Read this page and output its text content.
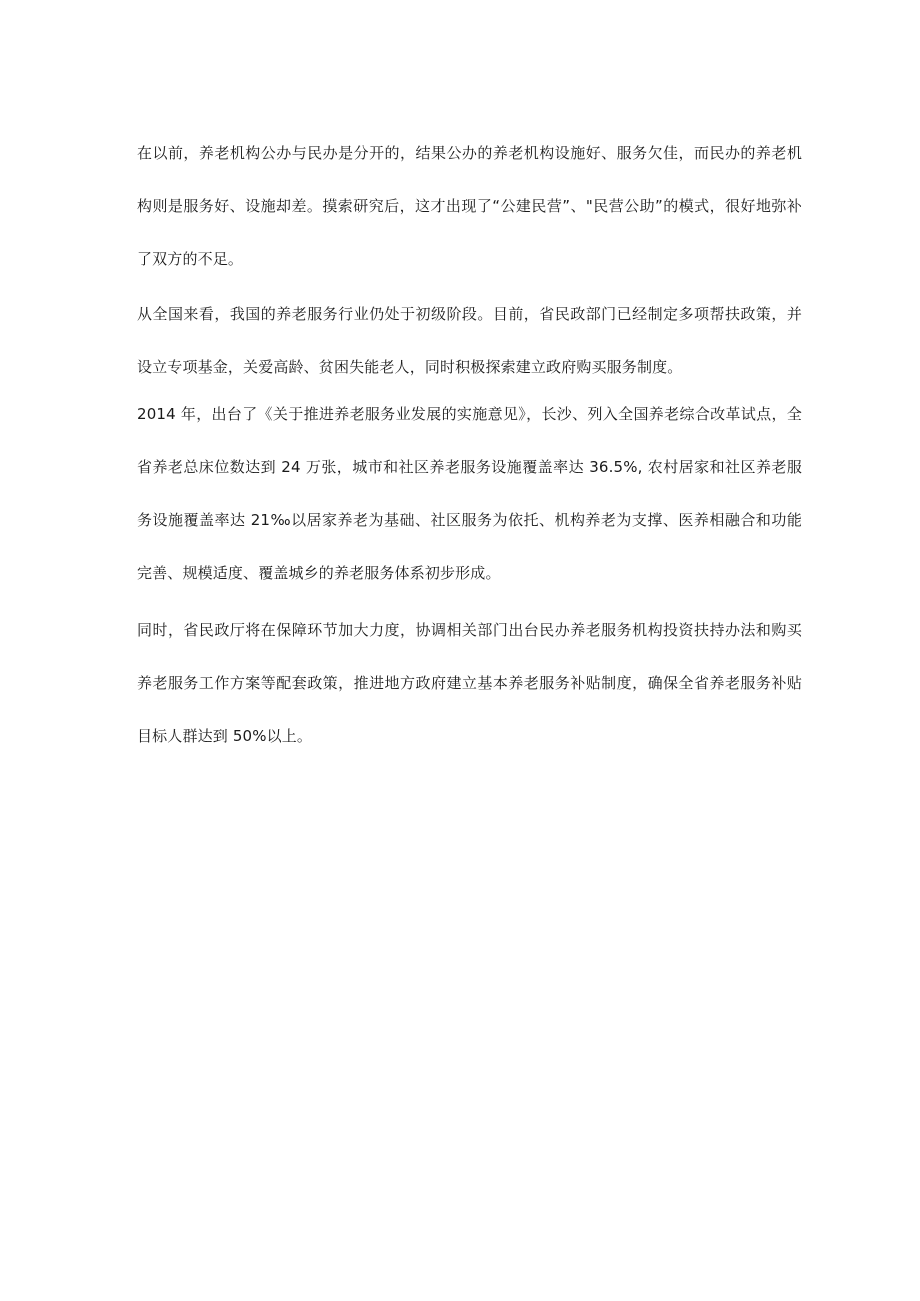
在以前，养老机构公办与民办是分开的，结果公办的养老机构设施好、服务欠佳，而民办的养老机构则是服务好、设施却差。摸索研究后，这才出现了“公建民营”、"民营公助”的模式，很好地弥补了双方的不足。

从全国来看，我国的养老服务行业仍处于初级阶段。目前，省民政部门已经制定多项帮扶政策，并设立专项基金，关爱高龄、贫困失能老人，同时积极探索建立政府购买服务制度。

2014 年，出台了《关于推进养老服务业发展的实施意见》，长沙、列入全国养老综合改革试点，全省养老总床位数达到 24 万张，城市和社区养老服务设施覆盖率达 36.5%, 农村居家和社区养老服务设施覆盖率达 21‰以居家养老为基础、社区服务为依托、机构养老为支撑、医养相融合和功能完善、规模适度、覆盖城乡的养老服务体系初步形成。

同时，省民政厅将在保障环节加大力度，协调相关部门出台民办养老服务机构投资扶持办法和购买养老服务工作方案等配套政策，推进地方政府建立基本养老服务补贴制度，确保全省养老服务补贴目标人群达到 50%以上。
